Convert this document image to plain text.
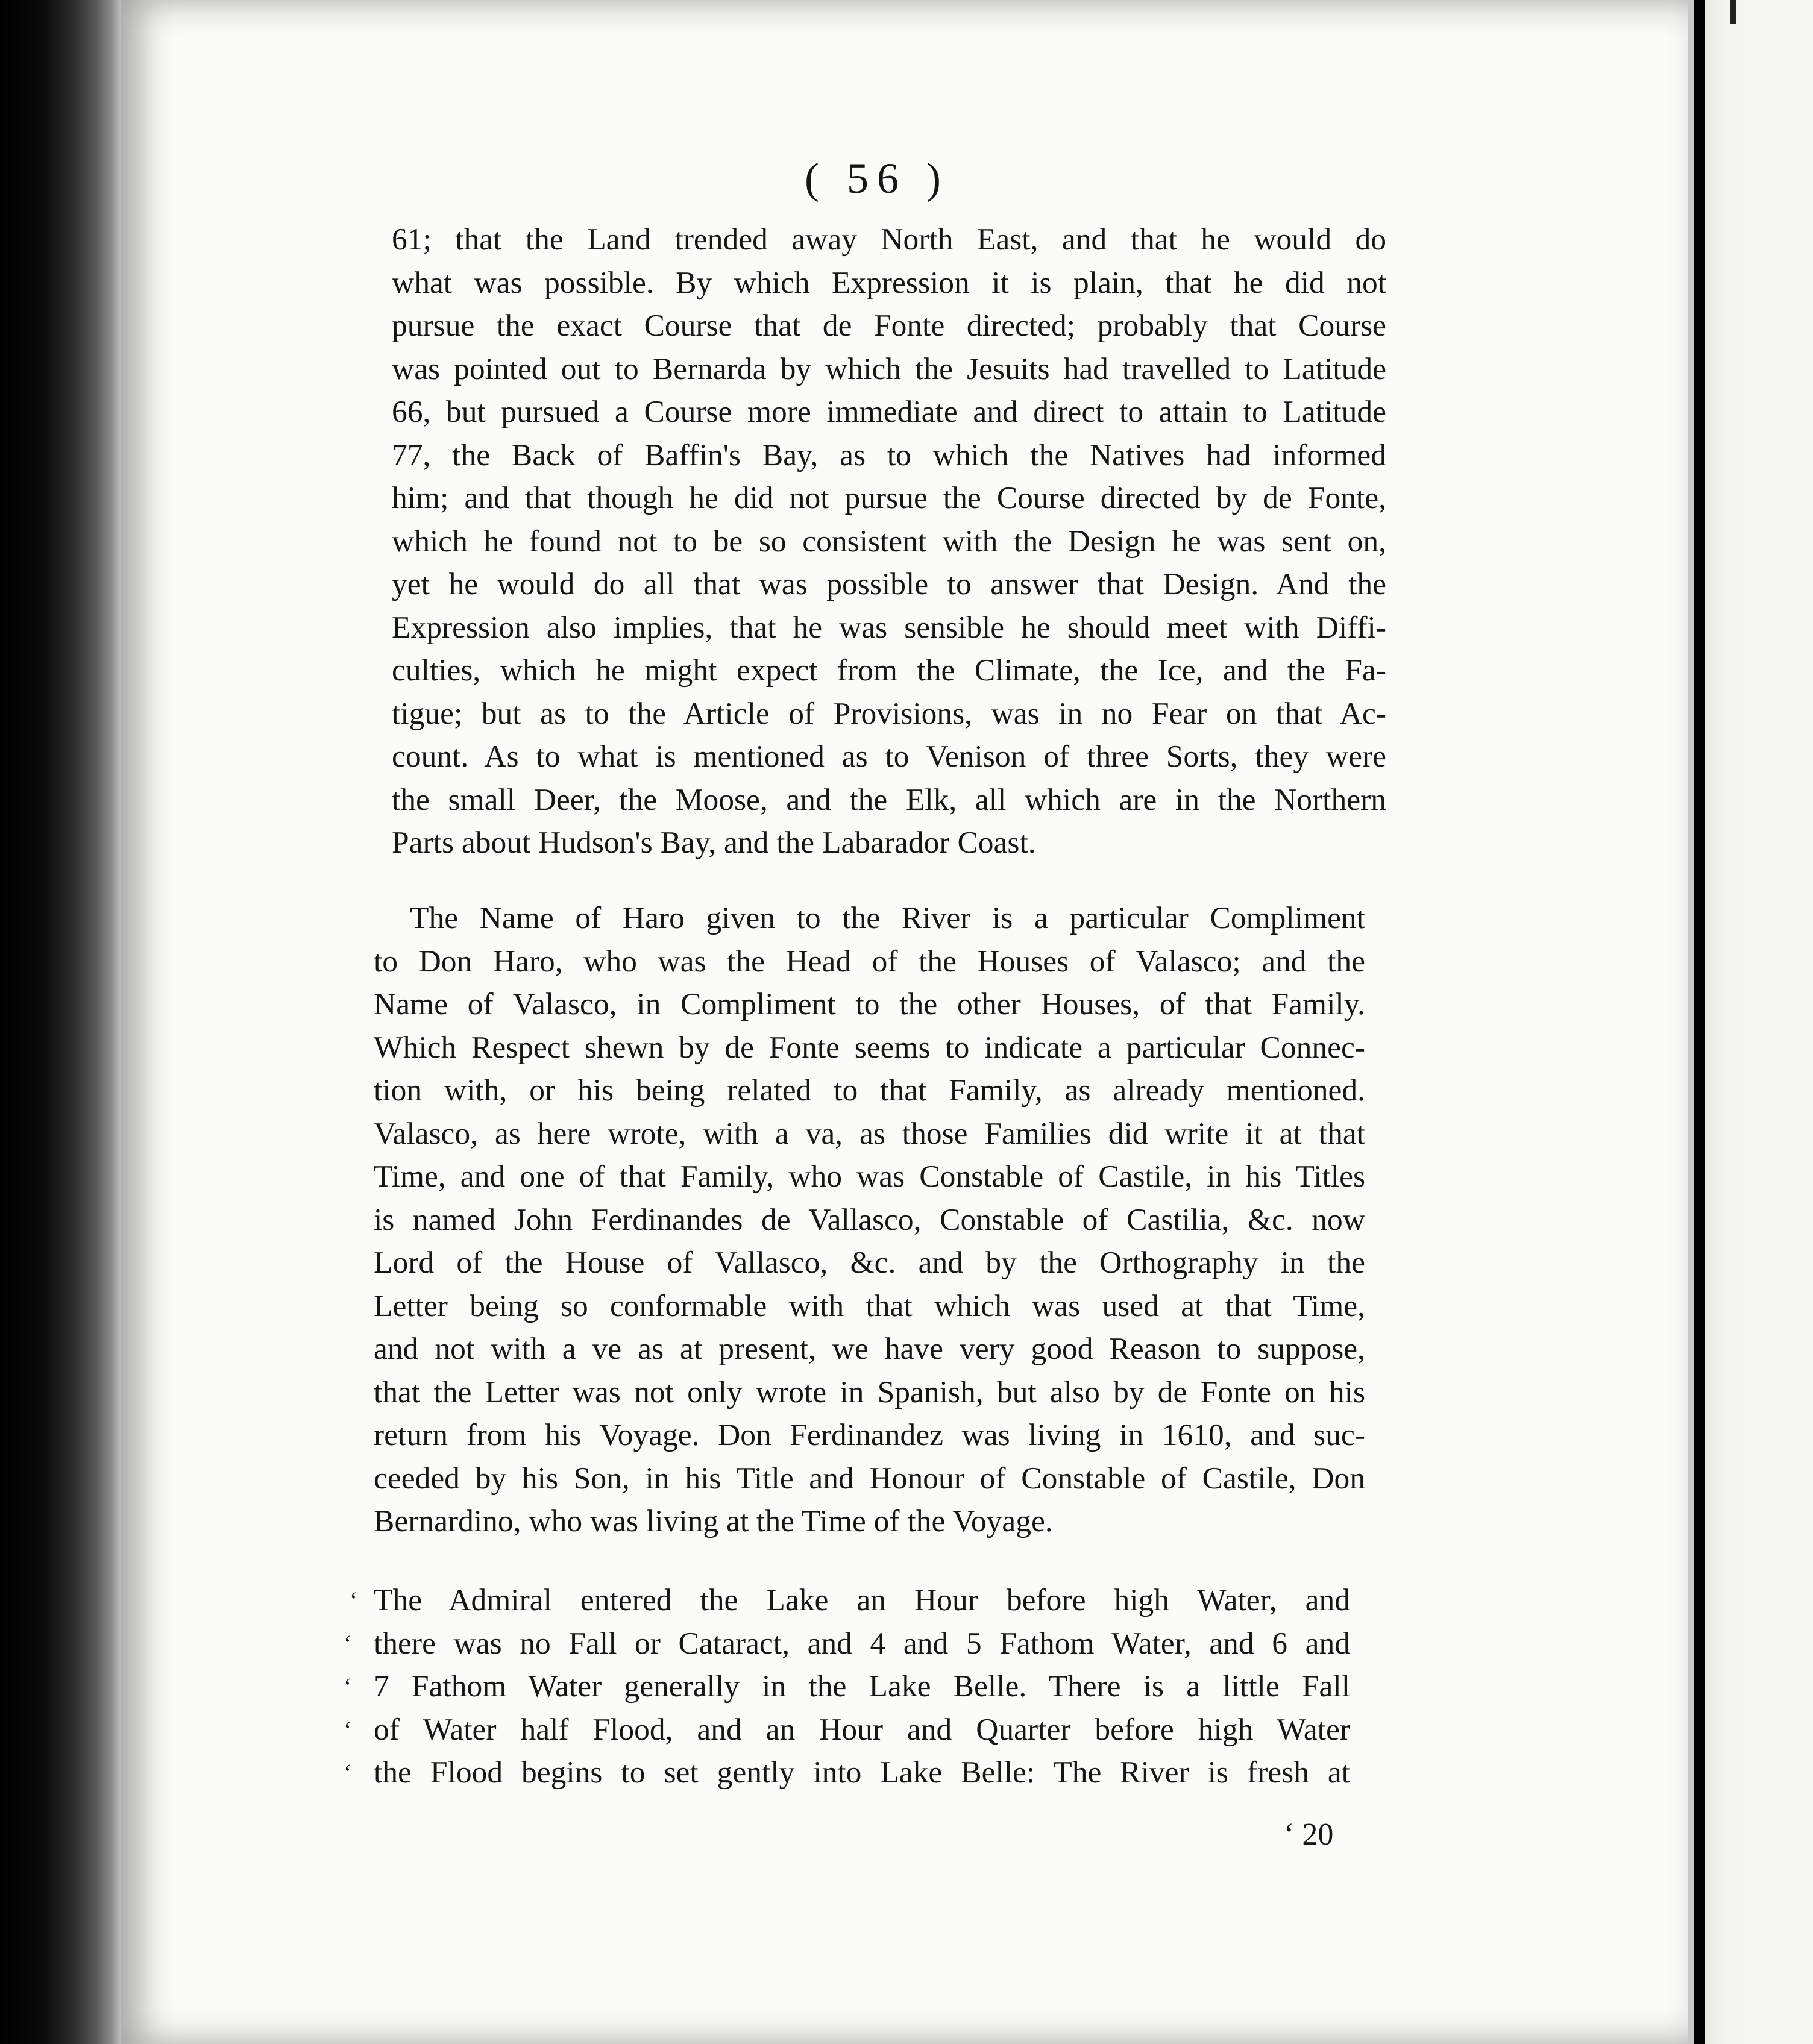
( 56 )
61; that the Land trended away North East, and that he would do
what was possible. By which Expression it is plain, that he did not
pursue the exact Course that de Fonte directed; probably that Course
was pointed out to Bernarda by which the Jesuits had travelled to Latitude
66, but pursued a Course more immediate and direct to attain to Latitude
77, the Back of Baffin's Bay, as to which the Natives had informed
him; and that though he did not pursue the Course directed by de Fonte,
which he found not to be so consistent with the Design he was sent on,
yet he would do all that was possible to answer that Design. And the
Expression also implies, that he was sensible he should meet with Diffi-
culties, which he might expect from the Climate, the Ice, and the Fa-
tigue; but as to the Article of Provisions, was in no Fear on that Ac-
count. As to what is mentioned as to Venison of three Sorts, they were
the small Deer, the Moose, and the Elk, all which are in the Northern
Parts about Hudson's Bay, and the Labarador Coast.
The Name of Haro given to the River is a particular Compliment
to Don Haro, who was the Head of the Houses of Valasco; and the
Name of Valasco, in Compliment to the other Houses, of that Family.
Which Respect shewn by de Fonte seems to indicate a particular Connec-
tion with, or his being related to that Family, as already mentioned.
Valasco, as here wrote, with a va, as those Families did write it at that
Time, and one of that Family, who was Constable of Castile, in his Titles
is named John Ferdinandes de Vallasco, Constable of Castilia, &c. now
Lord of the House of Vallasco, &c. and by the Orthography in the
Letter being so conformable with that which was used at that Time,
and not with a ve as at present, we have very good Reason to suppose,
that the Letter was not only wrote in Spanish, but also by de Fonte on his
return from his Voyage. Don Ferdinandez was living in 1610, and suc-
ceeded by his Son, in his Title and Honour of Constable of Castile, Don
Bernardino, who was living at the Time of the Voyage.
‘ The Admiral entered the Lake an Hour before high Water, and
‘ there was no Fall or Cataract, and 4 and 5 Fathom Water, and 6 and
‘ 7 Fathom Water generally in the Lake Belle. There is a little Fall
‘ of Water half Flood, and an Hour and Quarter before high Water
‘ the Flood begins to set gently into Lake Belle: The River is fresh at
‘ 20
